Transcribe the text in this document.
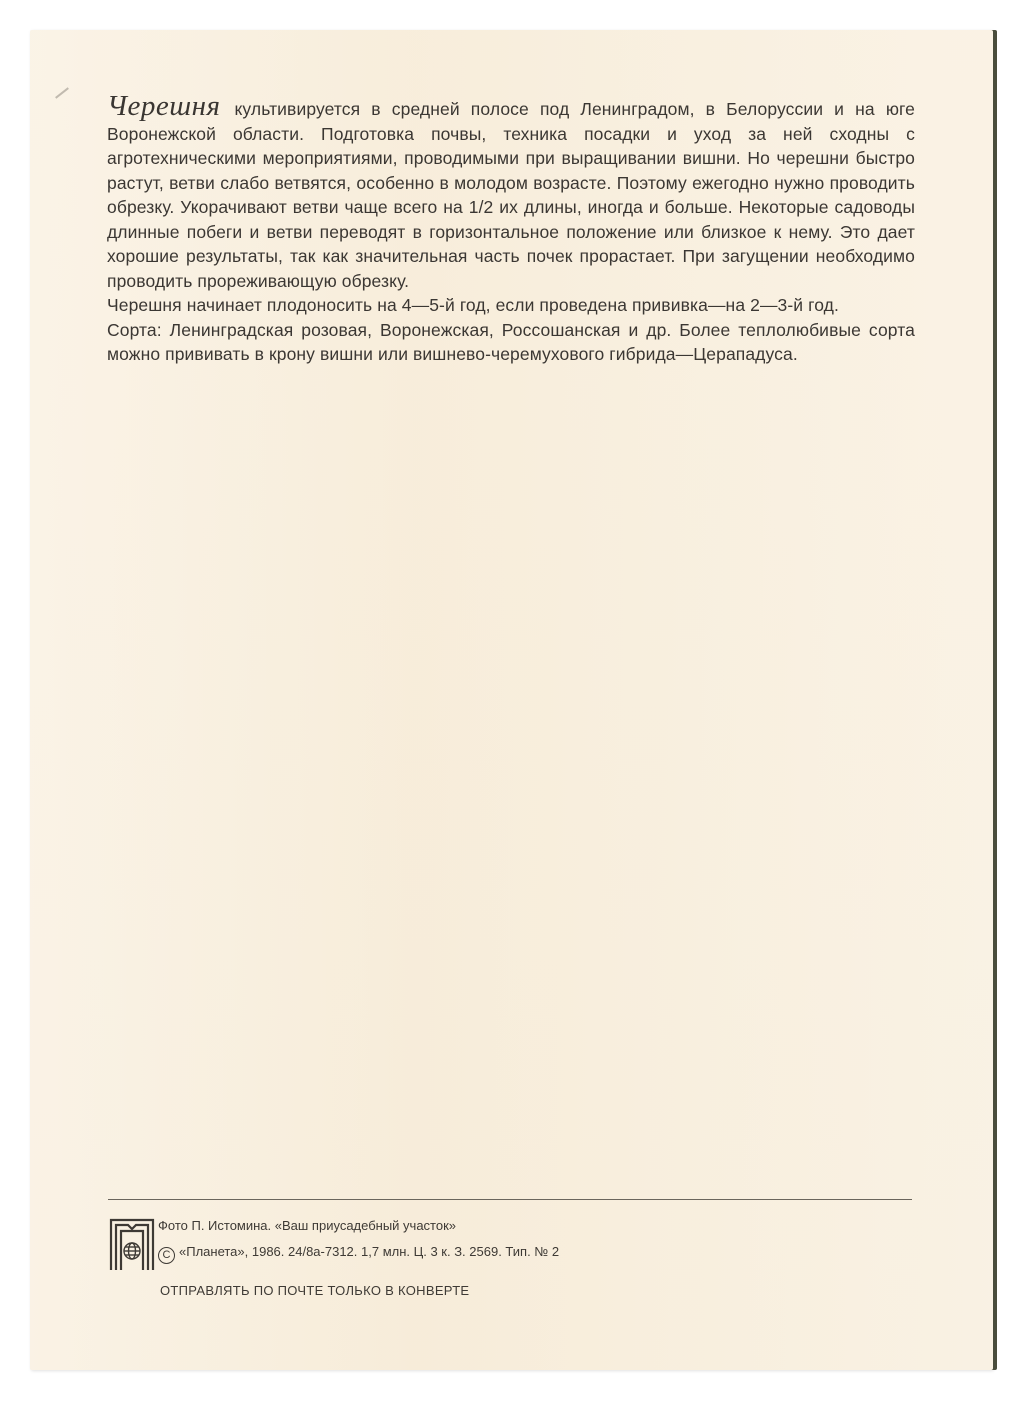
Черешня культивируется в средней полосе под Ленинградом, в Белоруссии и на юге Воронежской области. Подготовка почвы, техника посадки и уход за ней сходны с агротехническими мероприятиями, проводимыми при выращивании вишни. Но черешни быстро растут, ветви слабо ветвятся, особенно в молодом возрасте. Поэтому ежегодно нужно проводить обрезку. Укорачивают ветви чаще всего на 1/2 их длины, иногда и больше. Некоторые садоводы длинные побеги и ветви переводят в горизонтальное положение или близкое к нему. Это дает хорошие результаты, так как значительная часть почек прорастает. При загущении необходимо проводить прореживающую обрезку.

Черешня начинает плодоносить на 4—5-й год, если проведена прививка—на 2—3-й год.

Сорта: Ленинградская розовая, Воронежская, Россошанская и др. Более теплолюбивые сорта можно прививать в крону вишни или вишнево-черемухового гибрида—Церападуса.

Фото П. Истомина. «Ваш приусадебный участок»
C «Планета», 1986. 24/8а-7312. 1,7 млн. Ц. 3 к. З. 2569. Тип. № 2
ОТПРАВЛЯТЬ ПО ПОЧТЕ ТОЛЬКО В КОНВЕРТЕ
